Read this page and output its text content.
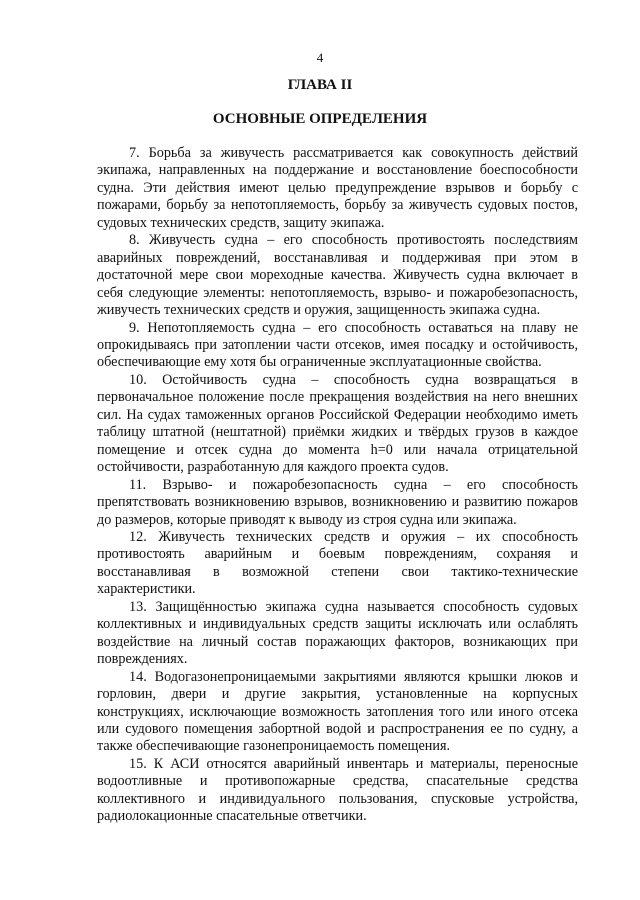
4
ГЛАВА II
ОСНОВНЫЕ ОПРЕДЕЛЕНИЯ

7. Борьба за живучесть рассматривается как совокупность действий экипажа, направленных на поддержание и восстановление боеспособности судна. Эти действия имеют целью предупреждение взрывов и борьбу с пожарами, борьбу за непотопляемость, борьбу за живучесть судовых постов, судовых технических средств, защиту экипажа.

8. Живучесть судна – его способность противостоять последствиям аварийных повреждений, восстанавливая и поддерживая при этом в достаточной мере свои мореходные качества. Живучесть судна включает в себя следующие элементы: непотопляемость, взрыво- и пожаробезопасность, живучесть технических средств и оружия, защищенность экипажа судна.

9. Непотопляемость судна – его способность оставаться на плаву не опрокидываясь при затоплении части отсеков, имея посадку и остойчивость, обеспечивающие ему хотя бы ограниченные эксплуатационные свойства.

10. Остойчивость судна – способность судна возвращаться в первоначальное положение после прекращения воздействия на него внешних сил. На судах таможенных органов Российской Федерации необходимо иметь таблицу штатной (нештатной) приёмки жидких и твёрдых грузов в каждое помещение и отсек судна до момента h=0 или начала отрицательной остойчивости, разработанную для каждого проекта судов.

11. Взрыво- и пожаробезопасность судна – его способность препятствовать возникновению взрывов, возникновению и развитию пожаров до размеров, которые приводят к выводу из строя судна или экипажа.

12. Живучесть технических средств и оружия – их способность противостоять аварийным и боевым повреждениям, сохраняя и восстанавливая в возможной степени свои тактико-технические характеристики.

13. Защищённостью экипажа судна называется способность судовых коллективных и индивидуальных средств защиты исключать или ослаблять воздействие на личный состав поражающих факторов, возникающих при повреждениях.

14. Водогазонепроницаемыми закрытиями являются крышки люков и горловин, двери и другие закрытия, установленные на корпусных конструкциях, исключающие возможность затопления того или иного отсека или судового помещения забортной водой и распространения ее по судну, а также обеспечивающие газонепроницаемость помещения.

15. К АСИ относятся аварийный инвентарь и материалы, переносные водоотливные и противопожарные средства, спасательные средства коллективного и индивидуального пользования, спусковые устройства, радиолокационные спасательные ответчики.
